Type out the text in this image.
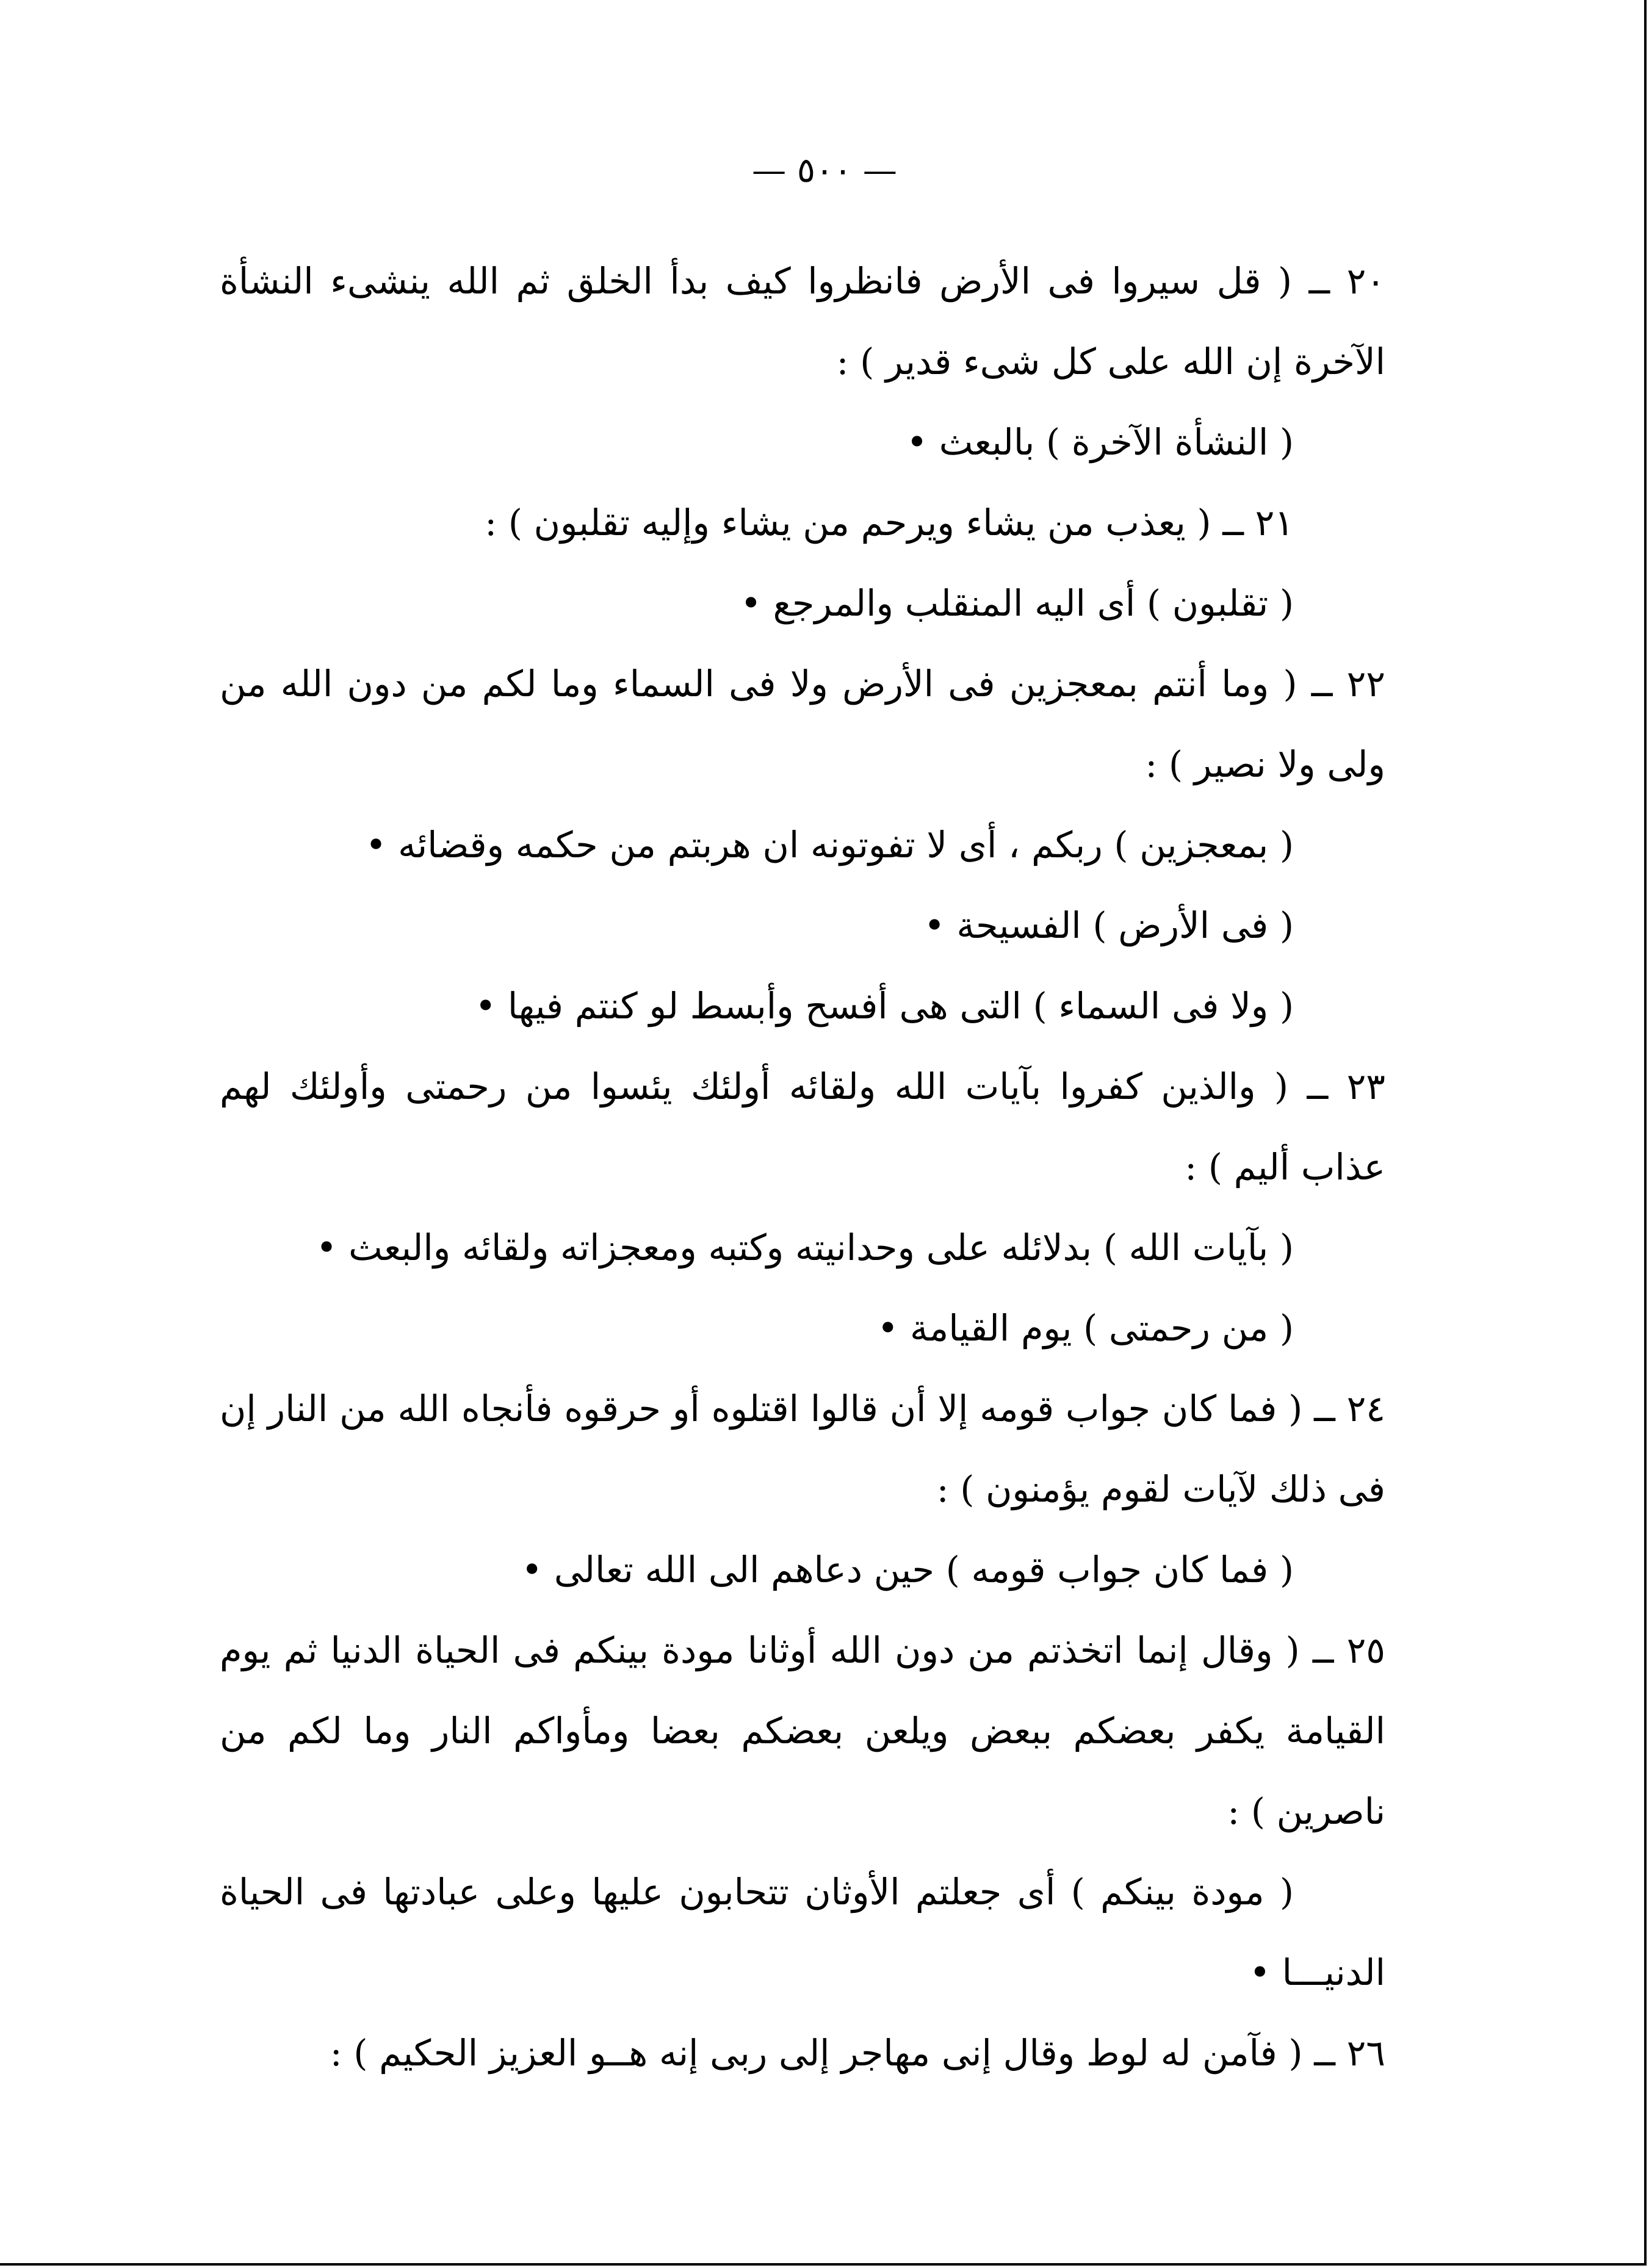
— ٥٠٠ —

٢٠ ــ ( قل سيروا فى الأرض فانظروا كيف بدأ الخلق ثم الله ينشىء النشأة الآخرة إن الله على كل شىء قدير ) :

( النشأة الآخرة ) بالبعث •

٢١ ــ ( يعذب من يشاء ويرحم من يشاء وإليه تقلبون ) :

( تقلبون ) أى اليه المنقلب والمرجع •

٢٢ ــ ( وما أنتم بمعجزين فى الأرض ولا فى السماء وما لكم من دون الله من ولى ولا نصير ) :

( بمعجزين ) ربكم ، أى لا تفوتونه ان هربتم من حكمه وقضائه •

( فى الأرض ) الفسيحة •

( ولا فى السماء ) التى هى أفسح وأبسط لو كنتم فيها •

٢٣ ــ ( والذين كفروا بآيات الله ولقائه أولئك يئسوا من رحمتى وأولئك لهم عذاب أليم ) :

( بآيات الله ) بدلائله على وحدانيته وكتبه ومعجزاته ولقائه والبعث •

( من رحمتى ) يوم القيامة •

٢٤ ــ ( فما كان جواب قومه إلا أن قالوا اقتلوه أو حرقوه فأنجاه الله من النار إن فى ذلك لآيات لقوم يؤمنون ) :

( فما كان جواب قومه ) حين دعاهم الى الله تعالى •

٢٥ ــ ( وقال إنما اتخذتم من دون الله أوثانا مودة بينكم فى الحياة الدنيا ثم يوم القيامة يكفر بعضكم ببعض ويلعن بعضكم بعضا ومأواكم النار وما لكم من ناصرين ) :

( مودة بينكم ) أى جعلتم الأوثان تتحابون عليها وعلى عبادتها فى الحياة الدنيـــا •

٢٦ ــ ( فآمن له لوط وقال إنى مهاجر إلى ربى إنه هــو العزيز الحكيم ) :
